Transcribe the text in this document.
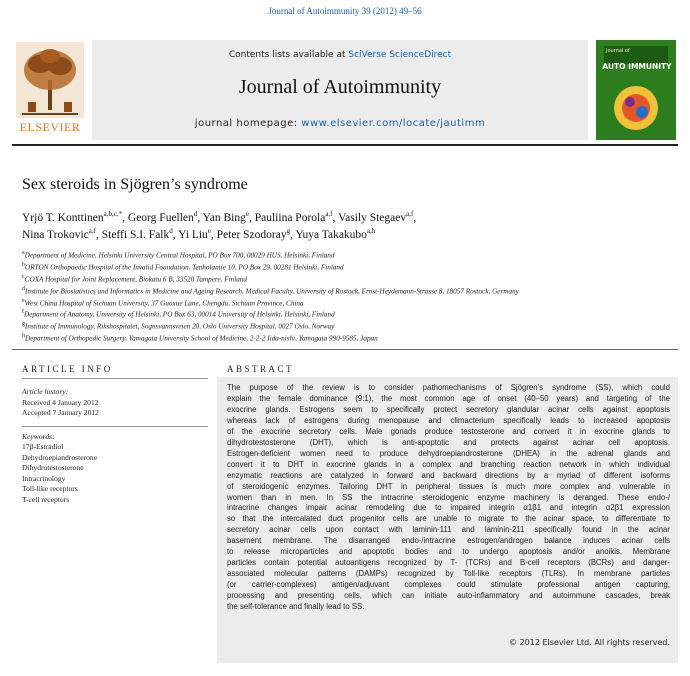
Journal of Autoimmunity 39 (2012) 49–56
ELSEVIER
Contents lists available at SciVerse ScienceDirect
Journal of Autoimmunity
journal homepage: www.elsevier.com/locate/jautimm
Journal of
AUTO IMMUNITY
Sex steroids in Sjögren’s syndrome
Yrjö T. Konttinen$^{a,b,c,*}$, Georg Fuellen$^d$, Yan Bing$^e$, Pauliina Porola$^{a,f}$, Vasily Stegaev$^{a,f}$,
Nina Trokovic$^{a,f}$, Steffi S.I. Falk$^d$, Yi Liu$^e$, Peter Szodoray$^g$, Yuya Takakubo$^{a,h}$
$^a$Department of Medicine, Helsinki University Central Hospital, PO Box 700, 00029 HUS, Helsinki, Finland
$^b$ORTON Orthopaedic Hospital of the Invalid Foundation, Tenholantie 10, PO Box 29, 00281 Helsinki, Finland
$^c$COXA Hospital for Joint Replacement, Biokatu 6 B, 33520 Tampere, Finland
$^d$Institute for Biostatistics and Informatics in Medicine and Ageing Research, Medical Faculty, University of Rostock, Ernst-Heydemann-Strasse 8, 18057 Rostock, Germany
$^e$West China Hospital of Sichuan University, 37 Guoxue Lane, Chengdu, Sichuan Province, China
$^f$Department of Anatomy, University of Helsinki, PO Box 63, 00014 University of Helsinki, Helsinki, Finland
$^g$Institute of Immunology, Rikshospitalet, Sognsvannsveien 20, Oslo University Hospital, 0027 Oslo, Norway
$^h$Department of Orthopedic Surgery, Yamagata University School of Medicine, 2-2-2 Iida-nishi, Yamagata 990-9585, Japan
ARTICLE INFO
Article history:
Received 4 January 2012
Accepted 7 January 2012
Keywords:
17β-Estradiol
Dehydroepiandrosterone
Dihydrotestosterone
Intracrinology
Toll-like receptors
T-cell receptors
ABSTRACT
The purpose of the review is to consider pathomechanisms of Sjögren’s syndrome (SS), which could
explain the female dominance (9:1), the most common age of onset (40–50 years) and targeting of the
exocrine glands. Estrogens seem to specifically protect secretory glandular acinar cells against apoptosis
whereas lack of estrogens during menopause and climacterium specifically leads to increased apoptosis
of the exocrine secretory cells. Male gonads produce testosterone and convert it in exocrine glands to
dihydrotestosterone (DHT), which is anti-apoptotic and protects against acinar cell apoptosis.
Estrogen-deficient women need to produce dehydroepiandrosterone (DHEA) in the adrenal glands and
convert it to DHT in exocrine glands in a complex and branching reaction network in which individual
enzymatic reactions are catalyzed in forward and backward directions by a myriad of different isoforms
of steroidogenic enzymes. Tailoring DHT in peripheral tissues is much more complex and vulnerable in
women than in men. In SS the intracrine steroidogenic enzyme machinery is deranged. These endo-/
intracrine changes impair acinar remodeling due to impaired integrin α1β1 and integrin α2β1 expression
so that the intercalated duct progenitor cells are unable to migrate to the acinar space, to differentiate to
secretory acinar cells upon contact with laminin-111 and laminin-211 specifically found in the acinar
basement membrane. The disarranged endo-/intracrine estrogen/androgen balance induces acinar cells
to release microparticles and apoptotic bodies and to undergo apoptosis and/or anoikis. Membrane
particles contain potential autoantigens recognized by T- (TCRs) and B-cell receptors (BCRs) and danger-
associated molecular patterns (DAMPs) recognized by Toll-like receptors (TLRs). In membrane particles
(or carrier-complexes) antigen/adjuvant complexes could stimulate professional antigen capturing,
processing and presenting cells, which can initiate auto-inflammatory and autoimmune cascades, break
the self-tolerance and finally lead to SS.
© 2012 Elsevier Ltd. All rights reserved.
